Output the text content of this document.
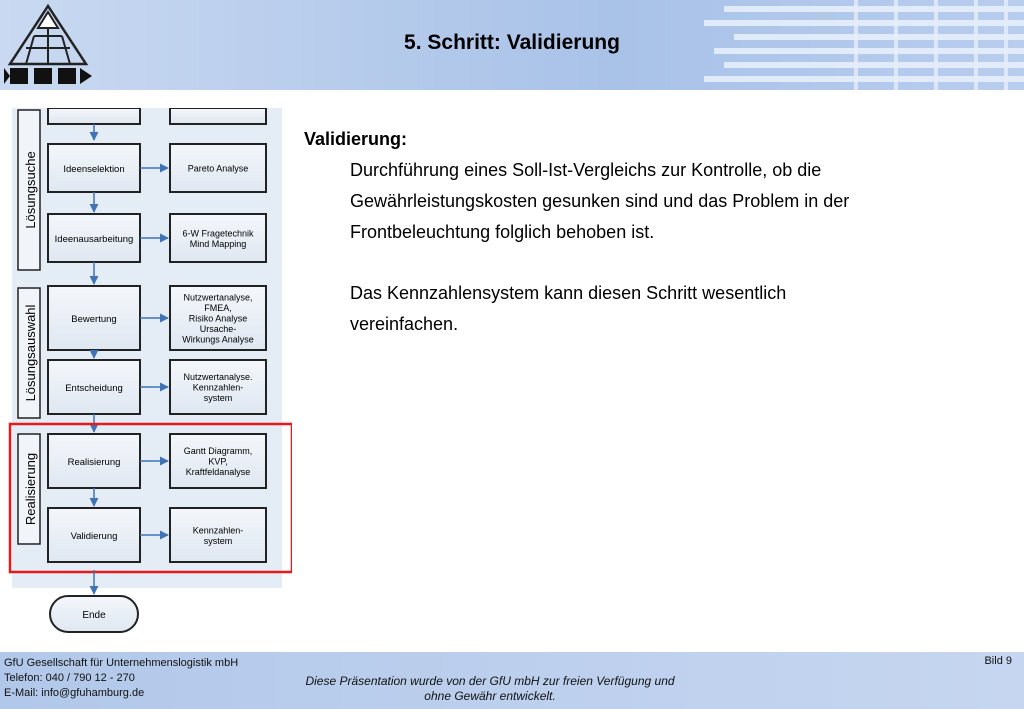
5. Schritt: Validierung
Lösungsuche
Lösungsauswahl
Realisierung
Ideenselektion
Ideenausarbeitung
Bewertung
Entscheidung
Realisierung
Validierung
Pareto Analyse
6-W Fragetechnik
Mind Mapping
Nutzwertanalyse,
FMEA,
Risiko Analyse
Ursache-
Wirkungs Analyse
Nutzwertanalyse.
Kennzahlen-
system
Gantt Diagramm,
KVP,
Kraftfeldanalyse
Kennzahlen-
system
Ende
Validierung:
Durchführung eines Soll-Ist-Vergleichs zur Kontrolle, ob die
Gewährleistungskosten gesunken sind und das Problem in der
Frontbeleuchtung folglich behoben ist.
Das Kennzahlensystem kann diesen Schritt wesentlich
vereinfachen.
GfU Gesellschaft für Unternehmenslogistik mbH
Telefon: 040 / 790 12 - 270
E-Mail: info@gfuhamburg.de
Diese Präsentation wurde von der GfU mbH zur freien Verfügung und
ohne Gewähr entwickelt.
Bild 9
